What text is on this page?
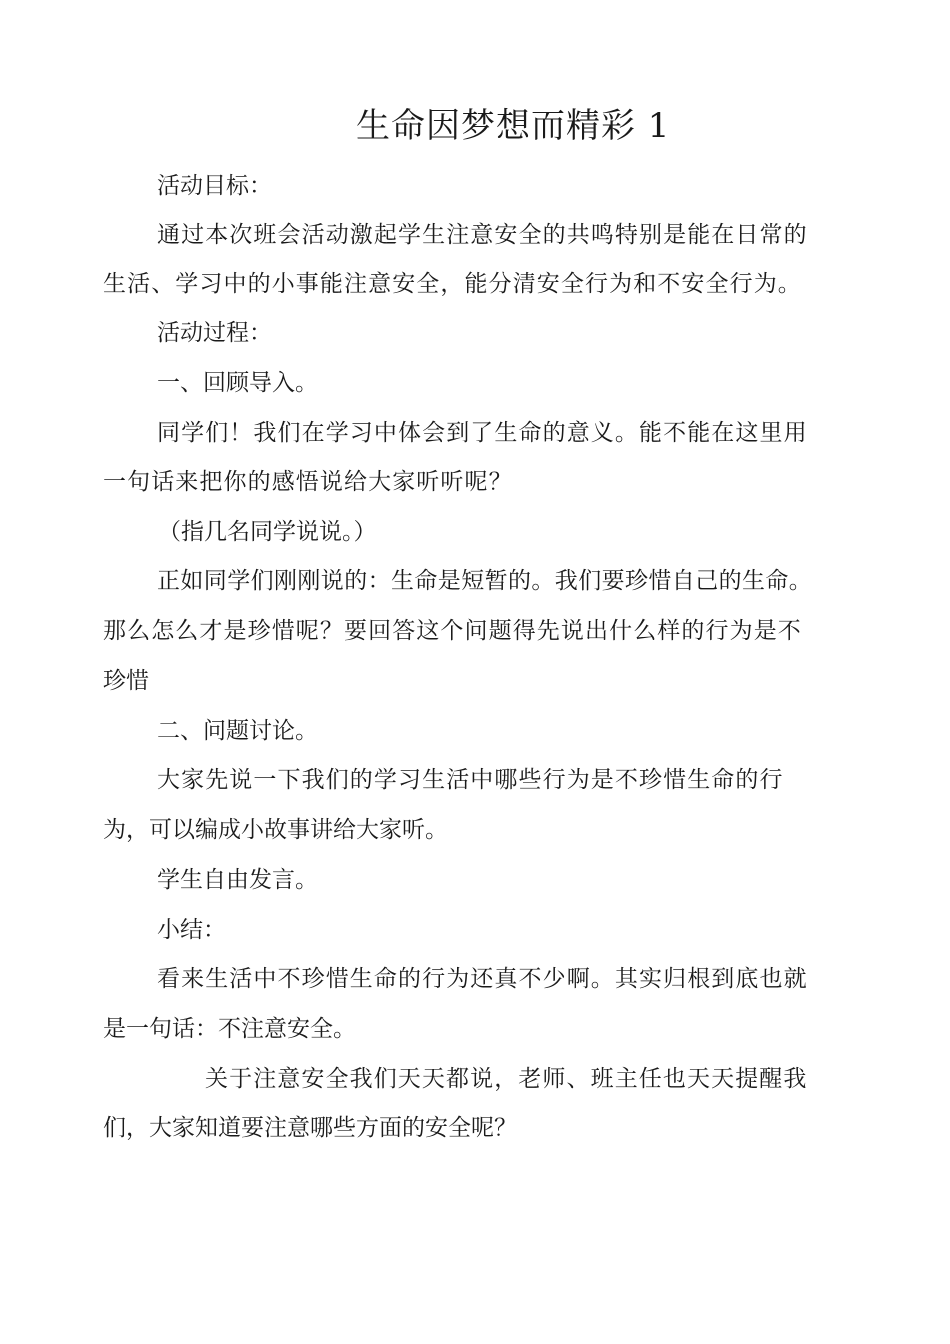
生命因梦想而精彩 1
活动目标：
通过本次班会活动激起学生注意安全的共鸣特别是能在日常的
生活、学习中的小事能注意安全，能分清安全行为和不安全行为。
活动过程：
一、回顾导入。
同学们！我们在学习中体会到了生命的意义。能不能在这里用
一句话来把你的感悟说给大家听听呢？
（指几名同学说说。）
正如同学们刚刚说的：生命是短暂的。我们要珍惜自己的生命。
那么怎么才是珍惜呢？要回答这个问题得先说出什么样的行为是不
珍惜
二、问题讨论。
大家先说一下我们的学习生活中哪些行为是不珍惜生命的行
为，可以编成小故事讲给大家听。
学生自由发言。
小结：
看来生活中不珍惜生命的行为还真不少啊。其实归根到底也就
是一句话：不注意安全。
关于注意安全我们天天都说，老师、班主任也天天提醒我
们，大家知道要注意哪些方面的安全呢？
